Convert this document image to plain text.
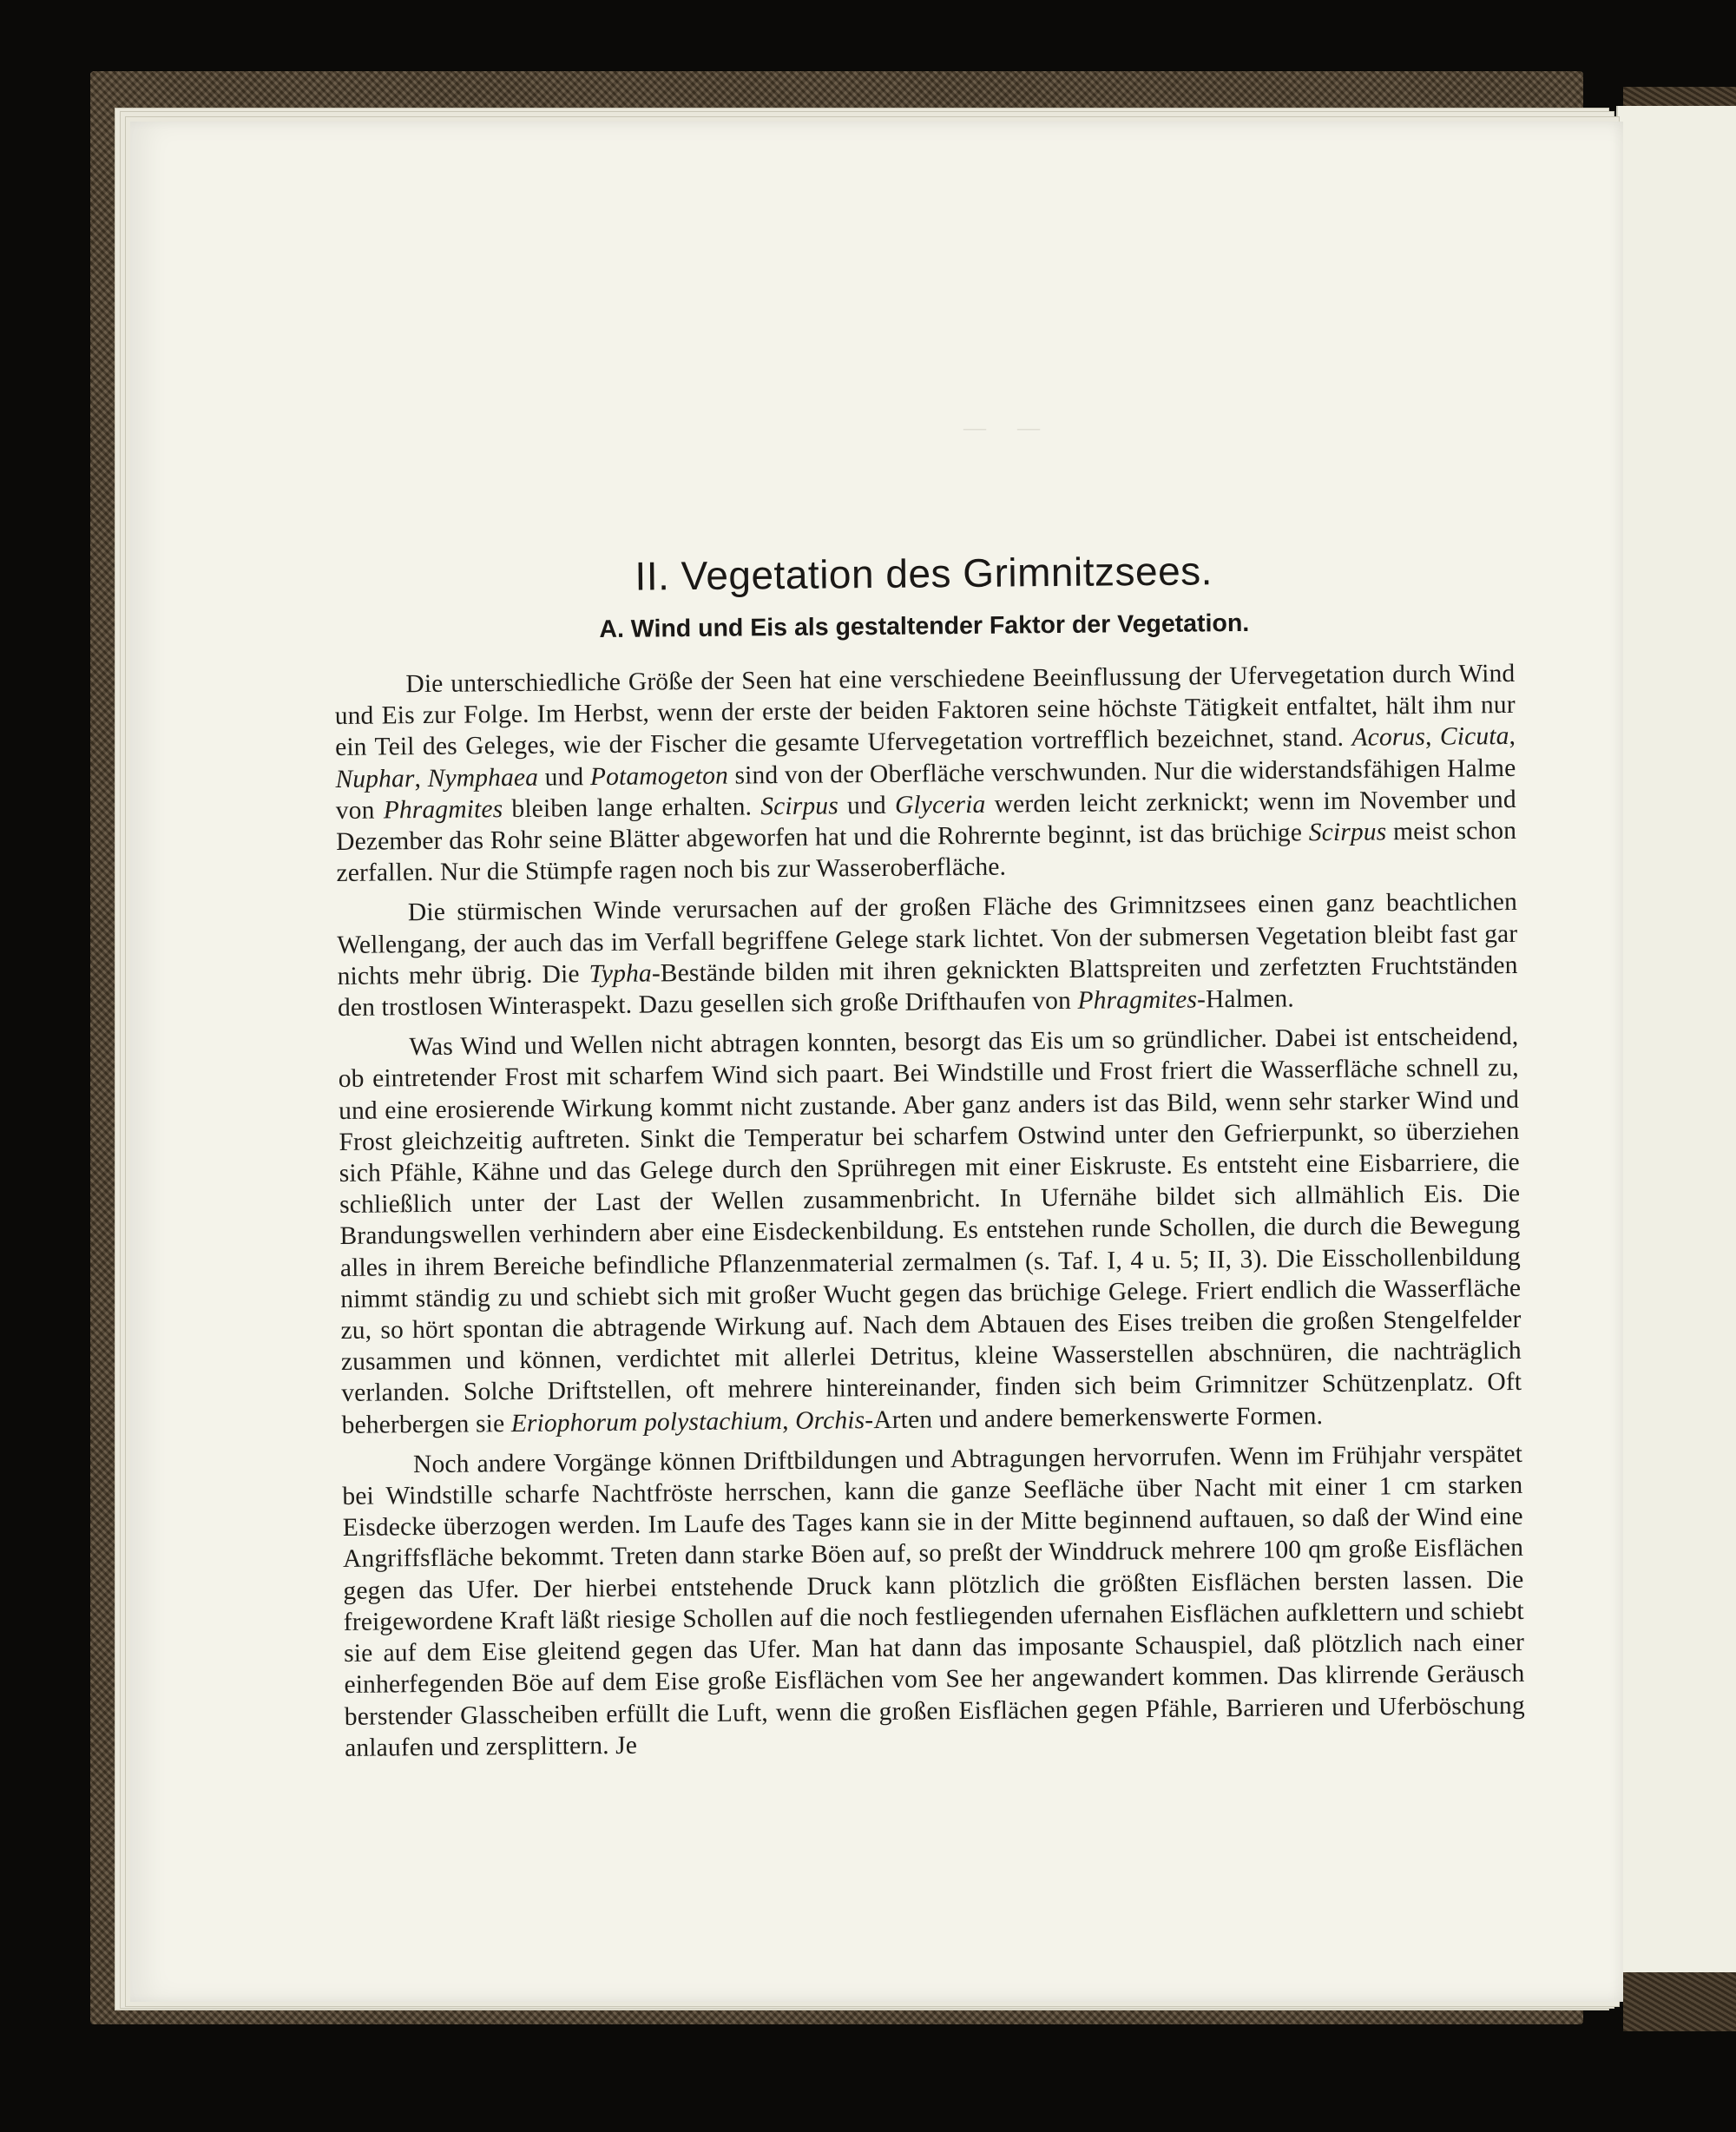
—    —
II. Vegetation des Grimnitzsees.
A. Wind und Eis als gestaltender Faktor der Vegetation.

Die unterschiedliche Größe der Seen hat eine verschiedene Beeinflussung der Ufervegetation durch Wind und Eis zur Folge. Im Herbst, wenn der erste der beiden Faktoren seine höchste Tätigkeit entfaltet, hält ihm nur ein Teil des Geleges, wie der Fischer die gesamte Ufervegetation vortrefflich bezeichnet, stand. Acorus, Cicuta, Nuphar, Nymphaea und Potamogeton sind von der Oberfläche verschwunden. Nur die widerstandsfähigen Halme von Phragmites bleiben lange erhalten. Scirpus und Glyceria werden leicht zerknickt; wenn im November und Dezember das Rohr seine Blätter abgeworfen hat und die Rohrernte beginnt, ist das brüchige Scirpus meist schon zerfallen. Nur die Stümpfe ragen noch bis zur Wasseroberfläche.

Die stürmischen Winde verursachen auf der großen Fläche des Grimnitzsees einen ganz beachtlichen Wellengang, der auch das im Verfall begriffene Gelege stark lichtet. Von der submersen Vegetation bleibt fast gar nichts mehr übrig. Die Typha-Bestände bilden mit ihren geknickten Blattspreiten und zerfetzten Fruchtständen den trostlosen Winteraspekt. Dazu gesellen sich große Drifthaufen von Phragmites-Halmen.

Was Wind und Wellen nicht abtragen konnten, besorgt das Eis um so gründlicher. Dabei ist entscheidend, ob eintretender Frost mit scharfem Wind sich paart. Bei Windstille und Frost friert die Wasserfläche schnell zu, und eine erosierende Wirkung kommt nicht zustande. Aber ganz anders ist das Bild, wenn sehr starker Wind und Frost gleichzeitig auftreten. Sinkt die Temperatur bei scharfem Ostwind unter den Gefrierpunkt, so überziehen sich Pfähle, Kähne und das Gelege durch den Sprühregen mit einer Eiskruste. Es entsteht eine Eisbarriere, die schließlich unter der Last der Wellen zusammenbricht. In Ufernähe bildet sich allmählich Eis. Die Brandungswellen verhindern aber eine Eisdeckenbildung. Es entstehen runde Schollen, die durch die Bewegung alles in ihrem Bereiche befindliche Pflanzenmaterial zermalmen (s. Taf. I, 4 u. 5; II, 3). Die Eisschollenbildung nimmt ständig zu und schiebt sich mit großer Wucht gegen das brüchige Gelege. Friert endlich die Wasserfläche zu, so hört spontan die abtragende Wirkung auf. Nach dem Abtauen des Eises treiben die großen Stengelfelder zusammen und können, verdichtet mit allerlei Detritus, kleine Wasserstellen abschnüren, die nachträglich verlanden. Solche Driftstellen, oft mehrere hintereinander, finden sich beim Grimnitzer Schützenplatz. Oft beherbergen sie Eriophorum polystachium, Orchis-Arten und andere bemerkenswerte Formen.

Noch andere Vorgänge können Driftbildungen und Abtragungen hervorrufen. Wenn im Frühjahr verspätet bei Windstille scharfe Nachtfröste herrschen, kann die ganze Seefläche über Nacht mit einer 1 cm starken Eisdecke überzogen werden. Im Laufe des Tages kann sie in der Mitte beginnend auftauen, so daß der Wind eine Angriffsfläche bekommt. Treten dann starke Böen auf, so preßt der Winddruck mehrere 100 qm große Eisflächen gegen das Ufer. Der hierbei entstehende Druck kann plötzlich die größten Eisflächen bersten lassen. Die freigewordene Kraft läßt riesige Schollen auf die noch festliegenden ufernahen Eisflächen aufklettern und schiebt sie auf dem Eise gleitend gegen das Ufer. Man hat dann das imposante Schauspiel, daß plötzlich nach einer einherfegenden Böe auf dem Eise große Eisflächen vom See her angewandert kommen. Das klirrende Geräusch berstender Glasscheiben erfüllt die Luft, wenn die großen Eisflächen gegen Pfähle, Barrieren und Uferböschung anlaufen und zersplittern. Je
